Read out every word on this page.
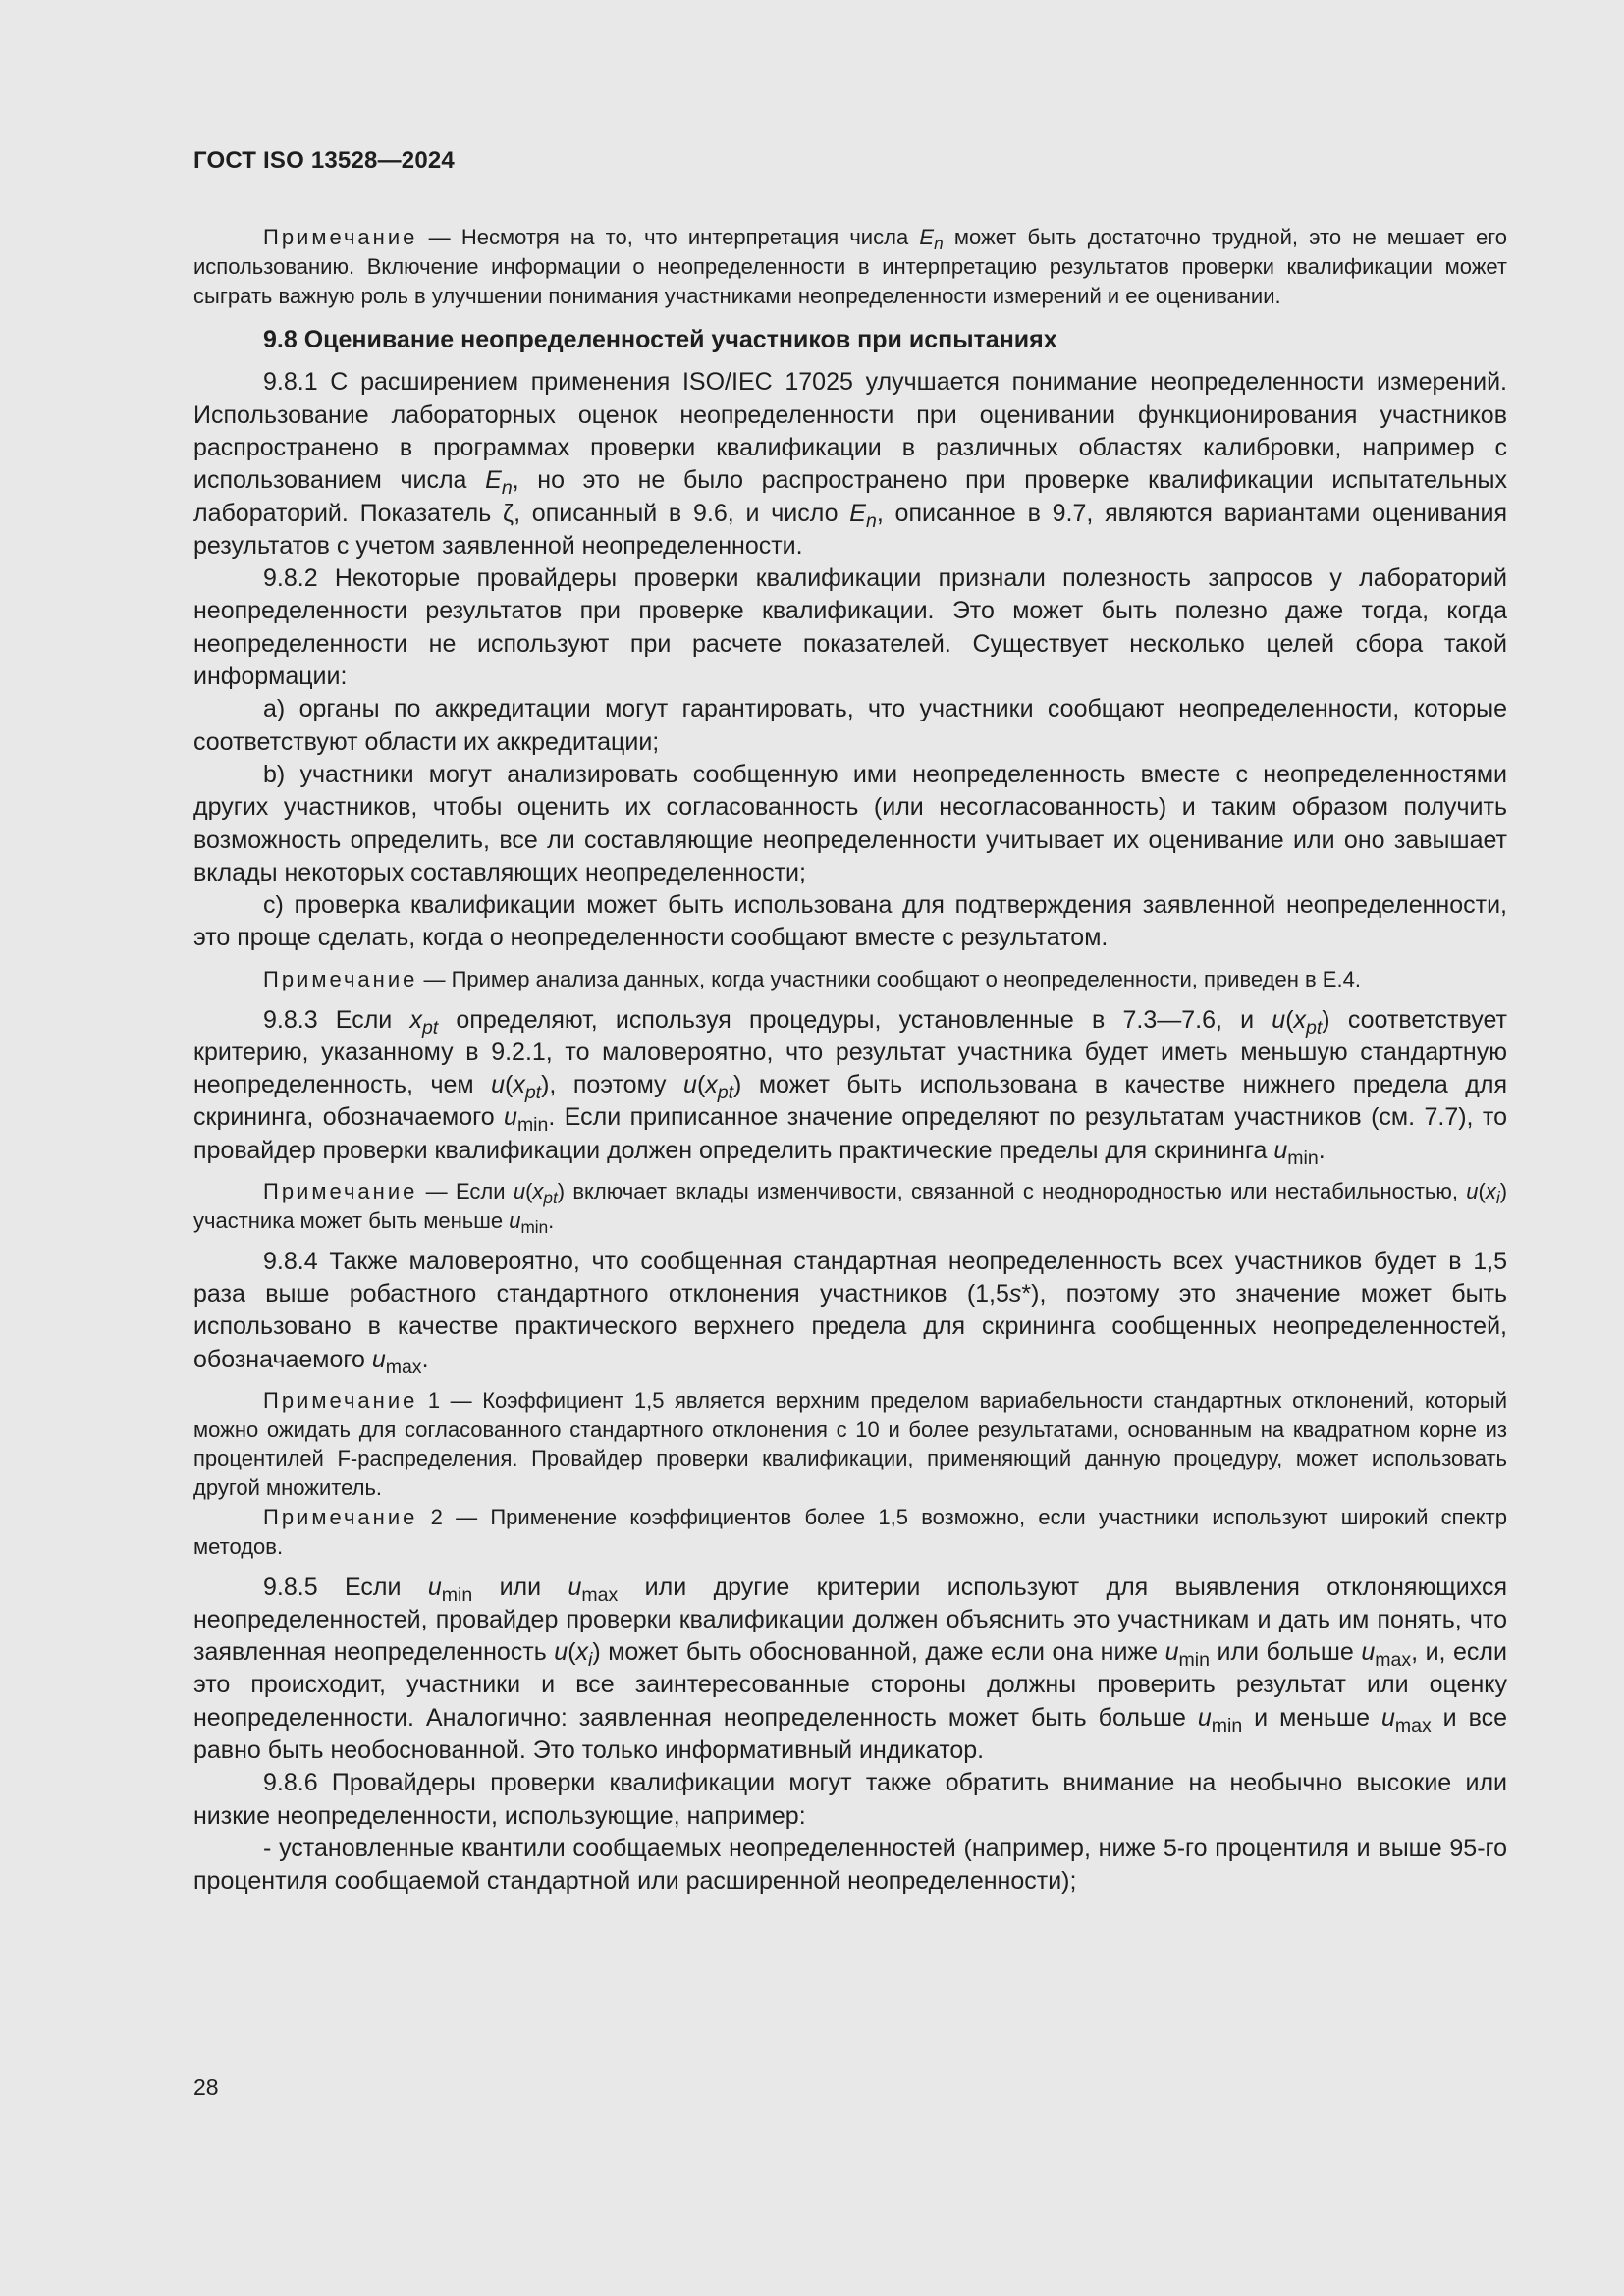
ГОСТ ISO 13528—2024

Примечание — Несмотря на то, что интерпретация числа $E_n$ может быть достаточно трудной, это не мешает его использованию. Включение информации о неопределенности в интерпретацию результатов проверки квалификации может сыграть важную роль в улучшении понимания участниками неопределенности измерений и ее оценивании.

9.8 Оценивание неопределенностей участников при испытаниях

9.8.1 С расширением применения ISO/IEC 17025 улучшается понимание неопределенности измерений. Использование лабораторных оценок неопределенности при оценивании функционирования участников распространено в программах проверки квалификации в различных областях калибровки, например с использованием числа $E_n$, но это не было распространено при проверке квалификации испытательных лабораторий. Показатель ζ, описанный в 9.6, и число $E_n$, описанное в 9.7, являются вариантами оценивания результатов с учетом заявленной неопределенности.

9.8.2 Некоторые провайдеры проверки квалификации признали полезность запросов у лабораторий неопределенности результатов при проверке квалификации. Это может быть полезно даже тогда, когда неопределенности не используют при расчете показателей. Существует несколько целей сбора такой информации:

a) органы по аккредитации могут гарантировать, что участники сообщают неопределенности, которые соответствуют области их аккредитации;

b) участники могут анализировать сообщенную ими неопределенность вместе с неопределенностями других участников, чтобы оценить их согласованность (или несогласованность) и таким образом получить возможность определить, все ли составляющие неопределенности учитывает их оценивание или оно завышает вклады некоторых составляющих неопределенности;

c) проверка квалификации может быть использована для подтверждения заявленной неопределенности, это проще сделать, когда о неопределенности сообщают вместе с результатом.

Примечание — Пример анализа данных, когда участники сообщают о неопределенности, приведен в Е.4.

9.8.3 Если $x_{pt}$ определяют, используя процедуры, установленные в 7.3—7.6, и $u(x_{pt})$ соответствует критерию, указанному в 9.2.1, то маловероятно, что результат участника будет иметь меньшую стандартную неопределенность, чем $u(x_{pt})$, поэтому $u(x_{pt})$ может быть использована в качестве нижнего предела для скрининга, обозначаемого $u_{min}$. Если приписанное значение определяют по результатам участников (см. 7.7), то провайдер проверки квалификации должен определить практические пределы для скрининга $u_{min}$.

Примечание — Если $u(x_{pt})$ включает вклады изменчивости, связанной с неоднородностью или нестабильностью, $u(x_i)$ участника может быть меньше $u_{min}$.

9.8.4 Также маловероятно, что сообщенная стандартная неопределенность всех участников будет в 1,5 раза выше робастного стандартного отклонения участников (1,5s*), поэтому это значение может быть использовано в качестве практического верхнего предела для скрининга сообщенных неопределенностей, обозначаемого $u_{max}$.

Примечание 1 — Коэффициент 1,5 является верхним пределом вариабельности стандартных отклонений, который можно ожидать для согласованного стандартного отклонения с 10 и более результатами, основанным на квадратном корне из процентилей F-распределения. Провайдер проверки квалификации, применяющий данную процедуру, может использовать другой множитель.

Примечание 2 — Применение коэффициентов более 1,5 возможно, если участники используют широкий спектр методов.

9.8.5 Если $u_{min}$ или $u_{max}$ или другие критерии используют для выявления отклоняющихся неопределенностей, провайдер проверки квалификации должен объяснить это участникам и дать им понять, что заявленная неопределенность $u(x_i)$ может быть обоснованной, даже если она ниже $u_{min}$ или больше $u_{max}$, и, если это происходит, участники и все заинтересованные стороны должны проверить результат или оценку неопределенности. Аналогично: заявленная неопределенность может быть больше $u_{min}$ и меньше $u_{max}$ и все равно быть необоснованной. Это только информативный индикатор.

9.8.6 Провайдеры проверки квалификации могут также обратить внимание на необычно высокие или низкие неопределенности, использующие, например:

- установленные квантили сообщаемых неопределенностей (например, ниже 5-го процентиля и выше 95-го процентиля сообщаемой стандартной или расширенной неопределенности);

28
